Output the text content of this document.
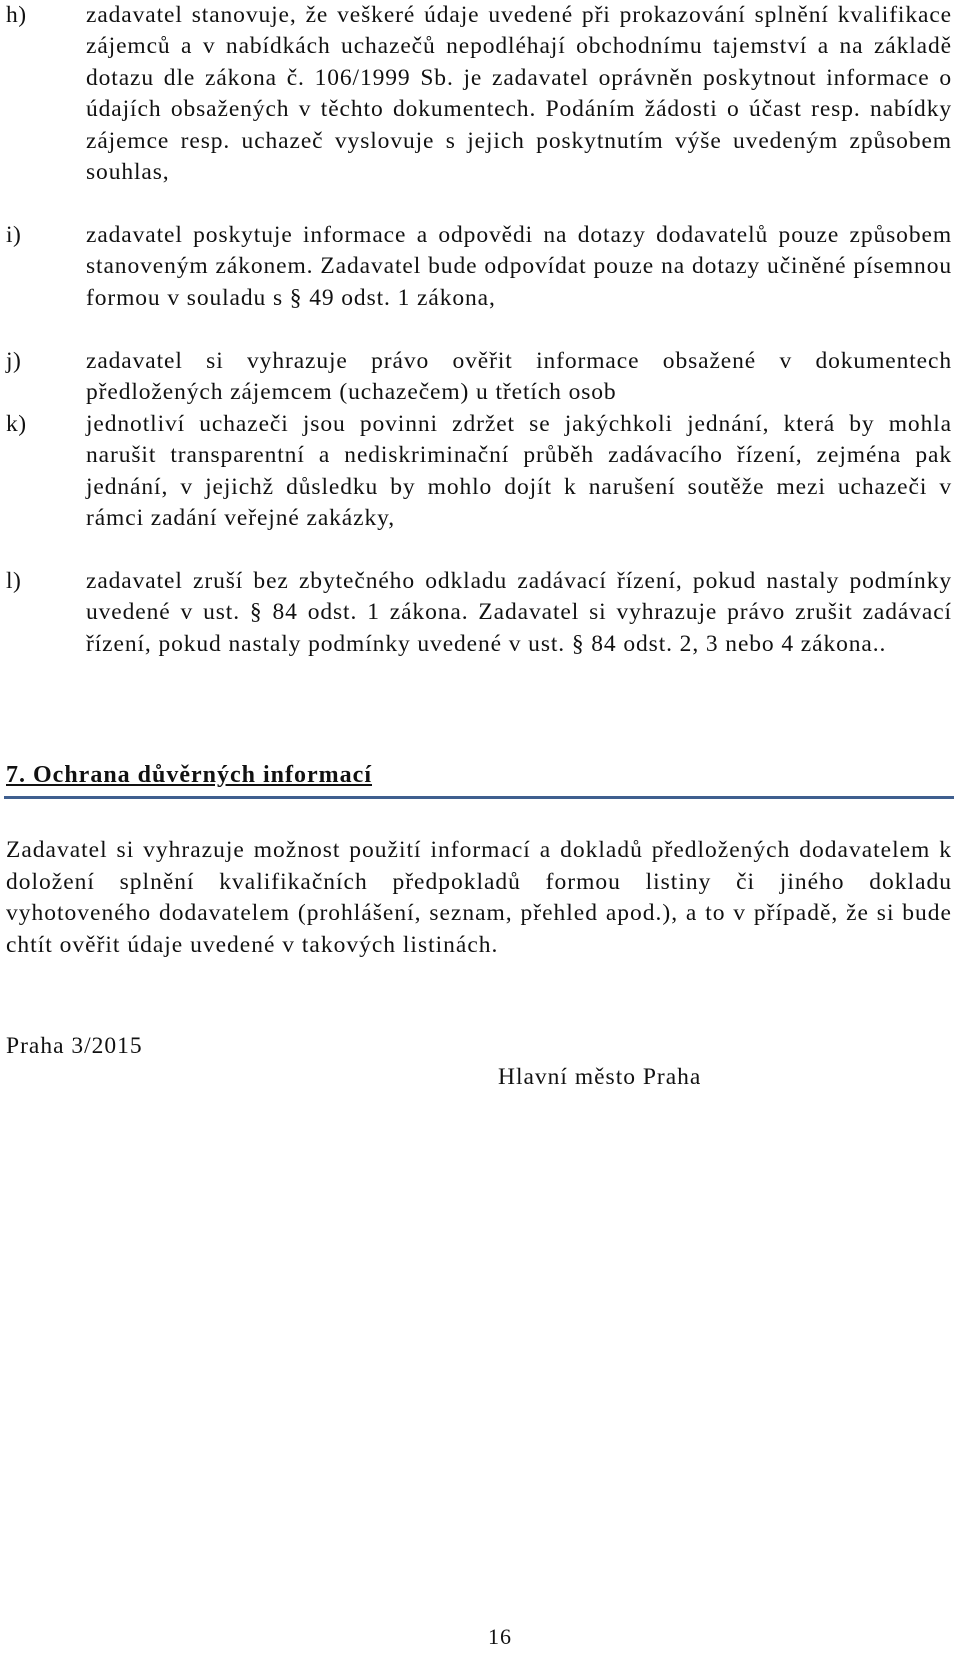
h)	zadavatel stanovuje, že veškeré údaje uvedené při prokazování splnění kvalifikace zájemců a v nabídkách uchazečů nepodléhají obchodnímu tajemství a na základě dotazu dle zákona č. 106/1999 Sb. je zadavatel oprávněn poskytnout informace o údajích obsažených v těchto dokumentech. Podáním žádosti o účast resp. nabídky zájemce resp. uchazeč vyslovuje s jejich poskytnutím výše uvedeným způsobem souhlas,
i)	zadavatel poskytuje informace a odpovědi na dotazy dodavatelů pouze způsobem stanoveným zákonem. Zadavatel bude odpovídat pouze na dotazy učiněné písemnou formou v souladu s § 49 odst. 1 zákona,
j)	zadavatel si vyhrazuje právo ověřit informace obsažené v dokumentech předložených zájemcem (uchazečem) u třetích osob
k)	jednotliví uchazeči jsou povinni zdržet se jakýchkoli jednání, která by mohla narušit transparentní a nediskriminační průběh zadávacího řízení, zejména pak jednání, v jejichž důsledku by mohlo dojít k narušení soutěže mezi uchazeči v rámci zadání veřejné zakázky,
l)	zadavatel zruší bez zbytečného odkladu zadávací řízení, pokud nastaly podmínky uvedené v ust. § 84 odst. 1 zákona. Zadavatel si vyhrazuje právo zrušit zadávací řízení, pokud nastaly podmínky uvedené v ust. § 84 odst. 2, 3 nebo 4 zákona..
7. Ochrana důvěrných informací

Zadavatel si vyhrazuje možnost použití informací a dokladů předložených dodavatelem k doložení splnění kvalifikačních předpokladů formou listiny či jiného dokladu vyhotoveného dodavatelem (prohlášení, seznam, přehled apod.), a to v případě, že si bude chtít ověřit údaje uvedené v takových listinách.

Praha 3/2015
Hlavní město Praha
16
